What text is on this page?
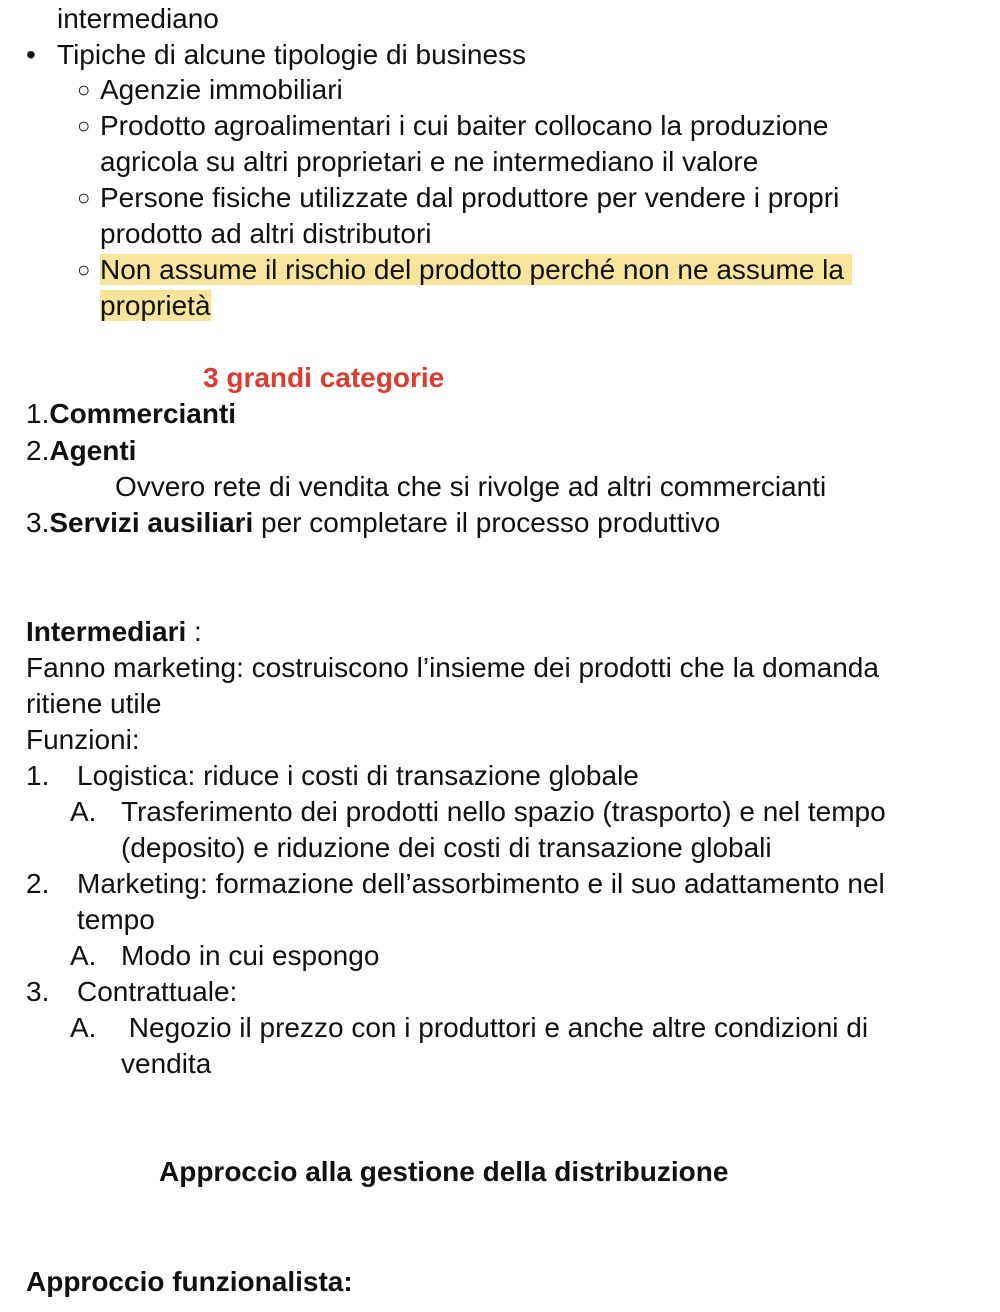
intermediano
• Tipiche di alcune tipologie di business
○ Agenzie immobiliari
○ Prodotto agroalimentari i cui baiter collocano la produzione
agricola su altri proprietari e ne intermediano il valore
○ Persone fisiche utilizzate dal produttore per vendere i propri
prodotto ad altri distributori
○ Non assume il rischio del prodotto perché non ne assume la
proprietà
3 grandi categorie
1.Commercianti
2.Agenti
Ovvero rete di vendita che si rivolge ad altri commercianti
3.Servizi ausiliari per completare il processo produttivo
Intermediari :
Fanno marketing: costruiscono l’insieme dei prodotti che la domanda
ritiene utile
Funzioni:
1. Logistica: riduce i costi di transazione globale
A. Trasferimento dei prodotti nello spazio (trasporto) e nel tempo
(deposito) e riduzione dei costi di transazione globali
2. Marketing: formazione dell’assorbimento e il suo adattamento nel
tempo
A. Modo in cui espongo
3. Contrattuale:
A. Negozio il prezzo con i produttori e anche altre condizioni di
vendita
Approccio alla gestione della distribuzione
Approccio funzionalista:
